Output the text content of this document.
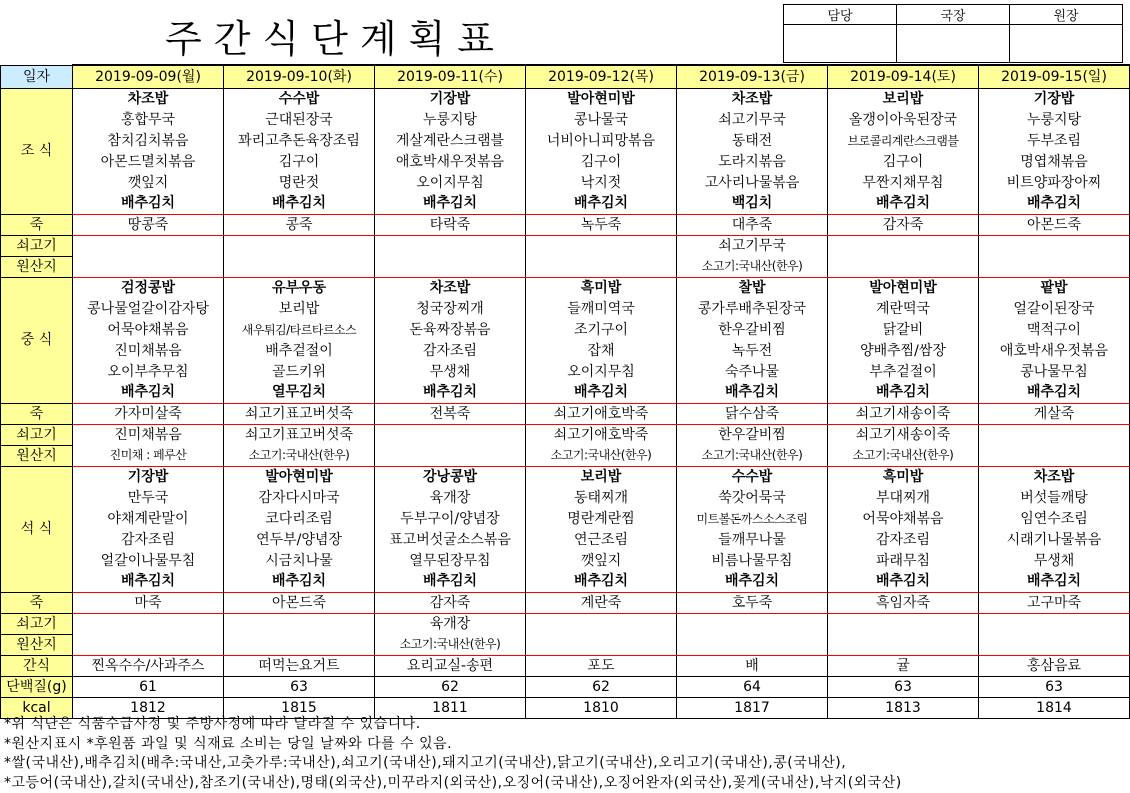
주간식단계획표
담당	국장	원장

일자	2019-09-09(월)	2019-09-10(화)	2019-09-11(수)	2019-09-12(목)	2019-09-13(금)	2019-09-14(토)	2019-09-15(일)
조 식	차조밥	수수밥	기장밥	발아현미밥	차조밥	보리밥	기장밥
	홍합무국	근대된장국	누룽지탕	콩나물국	쇠고기무국	올갱이아욱된장국	누룽지탕
	참치김치볶음	꽈리고추돈육장조림	게살계란스크램블	너비아니피망볶음	동태전	브로콜리계란스크램블	두부조림
	아몬드멸치볶음	김구이	애호박새우젓볶음	김구이	도라지볶음	김구이	명엽채볶음
	깻잎지	명란젓	오이지무침	낙지젓	고사리나물볶음	무짠지채무침	비트양파장아찌
	배추김치	배추김치	배추김치	배추김치	백김치	배추김치	배추김치
죽	땅콩죽	콩죽	타락죽	녹두죽	대추죽	감자죽	아몬드죽
쇠고기					쇠고기무국		
원산지					소고기:국내산(한우)		
중 식	검정콩밥	유부우동	차조밥	흑미밥	찰밥	발아현미밥	팥밥
	콩나물얼갈이감자탕	보리밥	청국장찌개	들깨미역국	콩가루배추된장국	계란떡국	얼갈이된장국
	어묵야채볶음	새우튀김/타르타르소스	돈육짜장볶음	조기구이	한우갈비찜	닭갈비	맥적구이
	진미채볶음	배추겉절이	감자조림	잡채	녹두전	양배추찜/쌈장	애호박새우젓볶음
	오이부추무침	골드키위	무생채	오이지무침	숙주나물	부추겉절이	콩나물무침
	배추김치	열무김치	배추김치	배추김치	배추김치	배추김치	배추김치
죽	가자미살죽	쇠고기표고버섯죽	전복죽	쇠고기애호박죽	닭수삼죽	쇠고기새송이죽	게살죽
쇠고기	진미채볶음	쇠고기표고버섯죽		쇠고기애호박죽	한우갈비찜	쇠고기새송이죽	
원산지	진미채 : 페루산	소고기:국내산(한우)		소고기:국내산(한우)	소고기:국내산(한우)	소고기:국내산(한우)	
석 식	기장밥	발아현미밥	강낭콩밥	보리밥	수수밥	흑미밥	차조밥
	만두국	감자다시마국	육개장	동태찌개	쑥갓어묵국	부대찌개	버섯들깨탕
	야채계란말이	코다리조림	두부구이/양념장	명란계란찜	미트볼돈까스소스조림	어묵야채볶음	임연수조림
	감자조림	연두부/양념장	표고버섯굴소스볶음	연근조림	들깨무나물	감자조림	시래기나물볶음
	얼갈이나물무침	시금치나물	열무된장무침	깻잎지	비름나물무침	파래무침	무생채
	배추김치	배추김치	배추김치	배추김치	배추김치	배추김치	배추김치
죽	마죽	아몬드죽	감자죽	계란죽	호두죽	흑임자죽	고구마죽
쇠고기			육개장				
원산지			소고기:국내산(한우)				
간식	찐옥수수/사과주스	떠먹는요거트	요리교실-송편	포도	배	귤	홍삼음료
단백질(g)	61	63	62	62	64	63	63
kcal	1812	1815	1811	1810	1817	1813	1814
*위 식단은 식품수급사정 및 주방사정에 따라 달라질 수 있습니다.
*원산지표시 *후원품 과일 및 식재료 소비는 당일 날짜와 다를 수 있음.
*쌀(국내산),배추김치(배추:국내산,고춧가루:국내산),쇠고기(국내산),돼지고기(국내산),닭고기(국내산),오리고기(국내산),콩(국내산),
*고등어(국내산),갈치(국내산),참조기(국내산),명태(외국산),미꾸라지(외국산),오징어(국내산),오징어완자(외국산),꽃게(국내산),낙지(외국산)
